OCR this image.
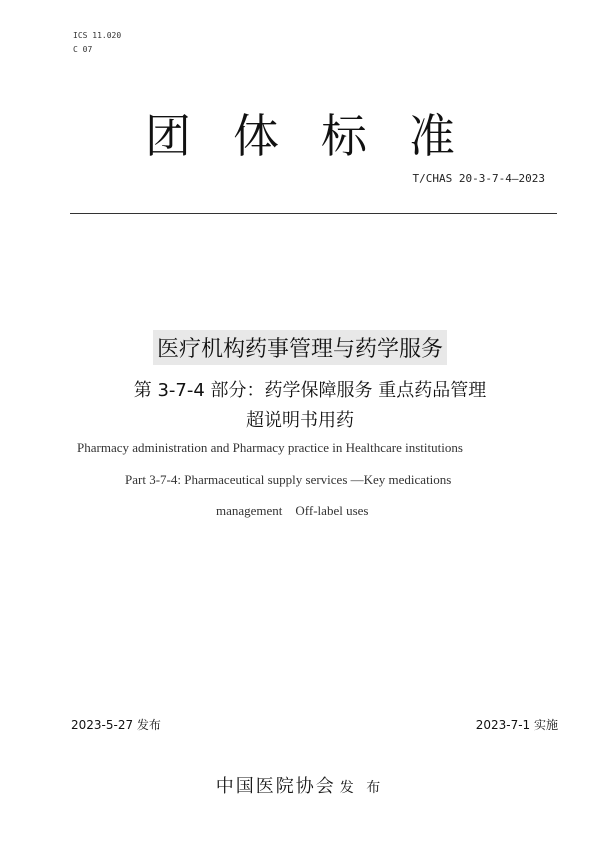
ICS 11.020
C 07
团体标准
T/CHAS 20-3-7-4—2023
医疗机构药事管理与药学服务
第 3-7-4 部分：药学保障服务 重点药品管理
超说明书用药
Pharmacy administration and Pharmacy practice in Healthcare institutions
Part 3-7-4: Pharmaceutical supply services —Key medications
management    Off-label uses
2023-5-27 发布	2023-7-1 实施
中国医院协会 发 布
